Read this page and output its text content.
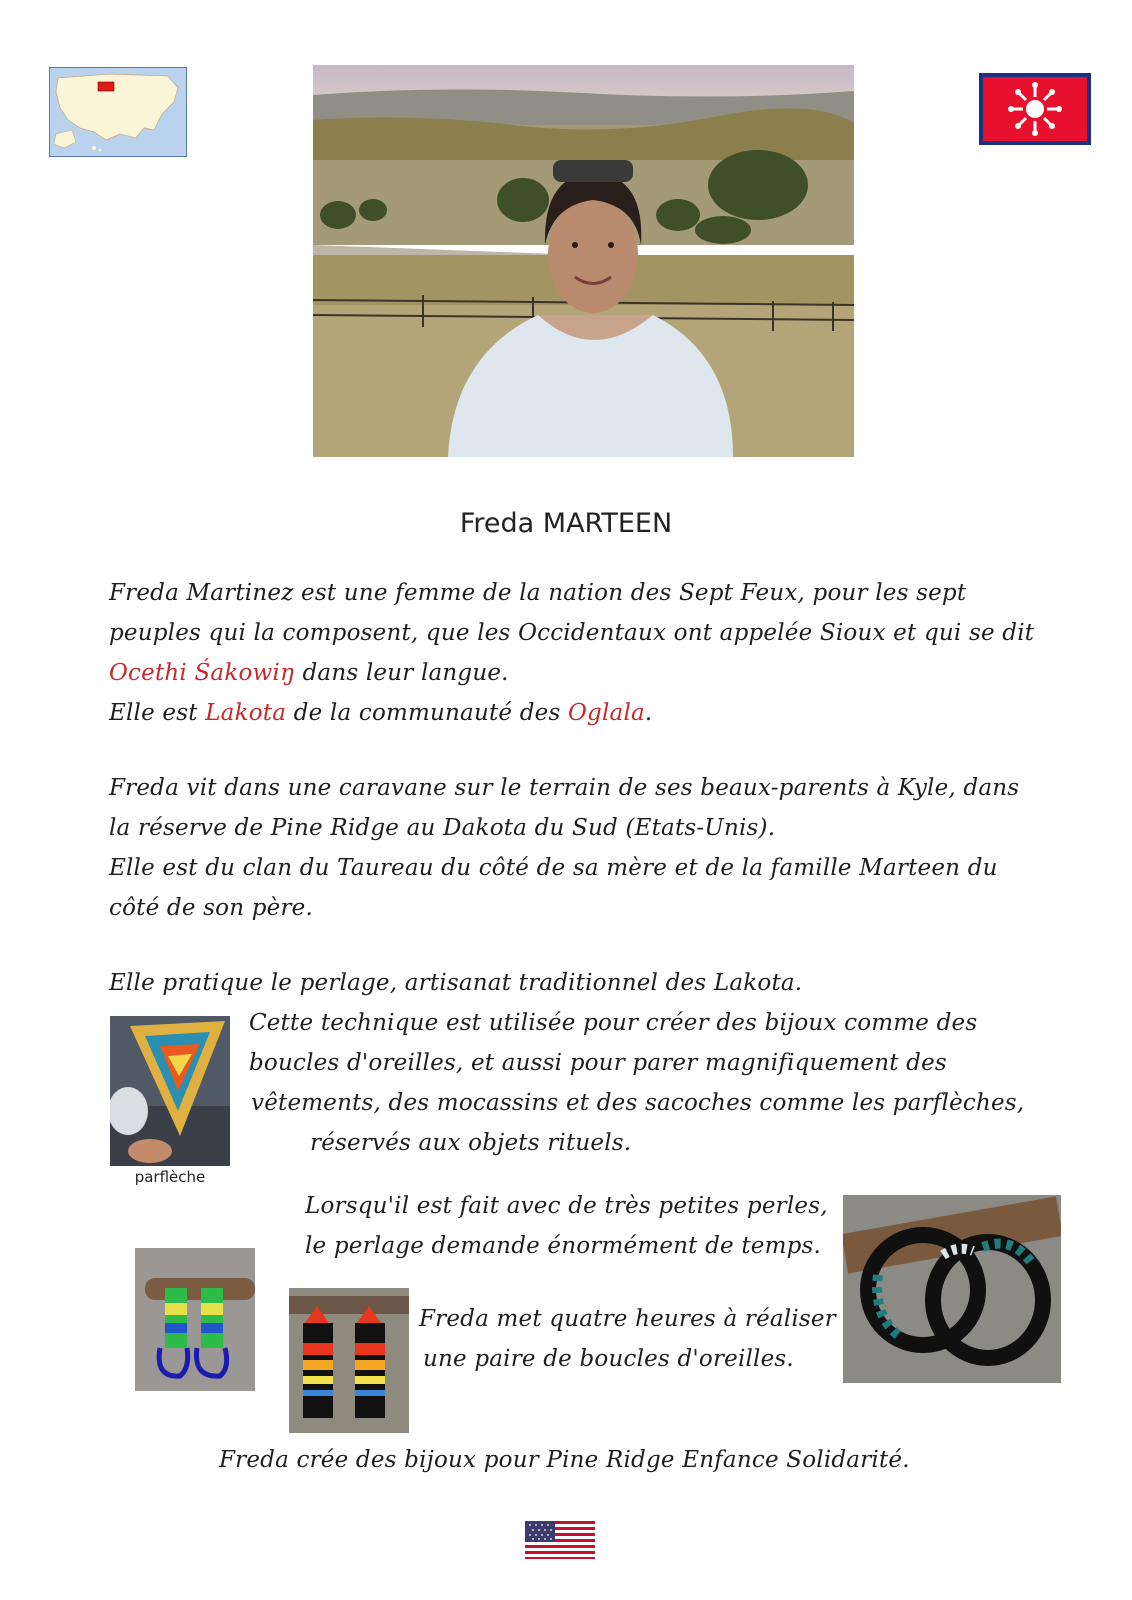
Freda MARTEEN
Freda Martinez est une femme de la nation des Sept Feux, pour les sept
peuples qui la composent, que les Occidentaux ont appelée Sioux et qui se dit
Ocethi Śakowiŋ dans leur langue.
Elle est Lakota de la communauté des Oglala.
Freda vit dans une caravane sur le terrain de ses beaux-parents à Kyle, dans
la réserve de Pine Ridge au Dakota du Sud (Etats-Unis).
Elle est du clan du Taureau du côté de sa mère et de la famille Marteen du
côté de son père.
Elle pratique le perlage, artisanat traditionnel des Lakota.
Cette technique est utilisée pour créer des bijoux comme des
boucles d'oreilles, et aussi pour parer magnifiquement des
vêtements, des mocassins et des sacoches comme les parflèches,
réservés aux objets rituels.
parflèche
Lorsqu'il est fait avec de très petites perles,
le perlage demande énormément de temps.
Freda met quatre heures à réaliser
une paire de boucles d'oreilles.
Freda crée des bijoux pour Pine Ridge Enfance Solidarité.
